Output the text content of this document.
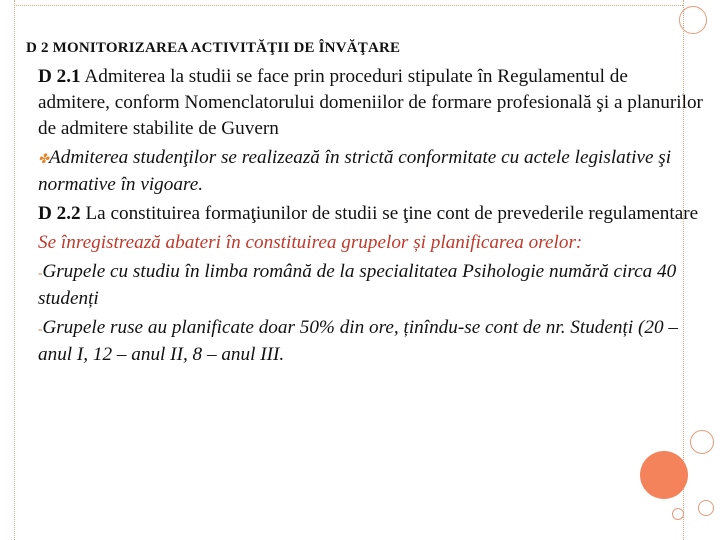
D 2 MONITORIZAREA ACTIVITĂŢII DE ÎNVĂŢARE

D 2.1 Admiterea la studii se face prin proceduri stipulate în Regulamentul de admitere, conform Nomenclatorului domeniilor de formare profesională şi a planurilor de admitere stabilite de Guvern

✤Admiterea studenţilor se realizează în strictă conformitate cu actele legislative şi normative în vigoare.

D 2.2 La constituirea formaţiunilor de studii se ţine cont de prevederile regulamentare

Se înregistrează abateri în constituirea grupelor și planificarea orelor:

-Grupele cu studiu în limba română de la specialitatea Psihologie numără circa 40 studenți

-Grupele ruse au planificate doar 50% din ore, ținîndu-se cont de nr. Studenți (20 – anul I, 12 – anul II, 8 – anul III.
